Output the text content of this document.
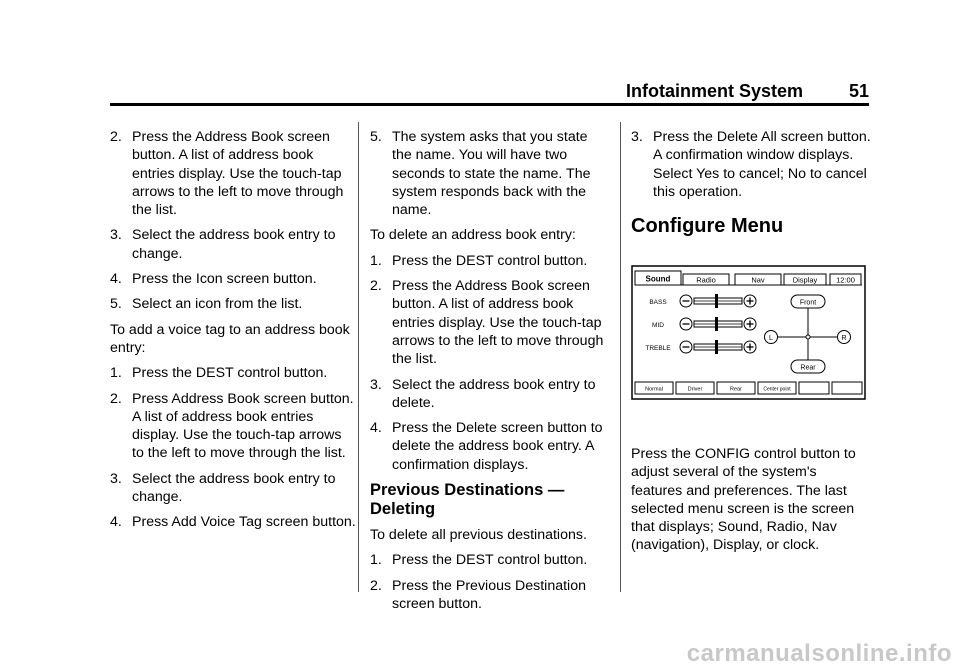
Infotainment System	51
2. Press the Address Book screen button. A list of address book entries display. Use the touch-tap arrows to the left to move through the list.
3. Select the address book entry to change.
4. Press the Icon screen button.
5. Select an icon from the list.
To add a voice tag to an address book entry:
1. Press the DEST control button.
2. Press Address Book screen button. A list of address book entries display. Use the touch-tap arrows to the left to move through the list.
3. Select the address book entry to change.
4. Press Add Voice Tag screen button.
5. The system asks that you state the name. You will have two seconds to state the name. The system responds back with the name.
To delete an address book entry:
1. Press the DEST control button.
2. Press the Address Book screen button. A list of address book entries display. Use the touch-tap arrows to the left to move through the list.
3. Select the address book entry to delete.
4. Press the Delete screen button to delete the address book entry. A confirmation displays.
Previous Destinations — Deleting
To delete all previous destinations.
1. Press the DEST control button.
2. Press the Previous Destination screen button.
3. Press the Delete All screen button. A confirmation window displays. Select Yes to cancel; No to cancel this operation.
Configure Menu
Sound	Radio	Nav	Display	12:00
BASS
MID
TREBLE
Front
Rear
L	R
Normal	Driver	Rear	Center point
Press the CONFIG control button to adjust several of the system's features and preferences. The last selected menu screen is the screen that displays; Sound, Radio, Nav (navigation), Display, or clock.
carmanualsonline.info
